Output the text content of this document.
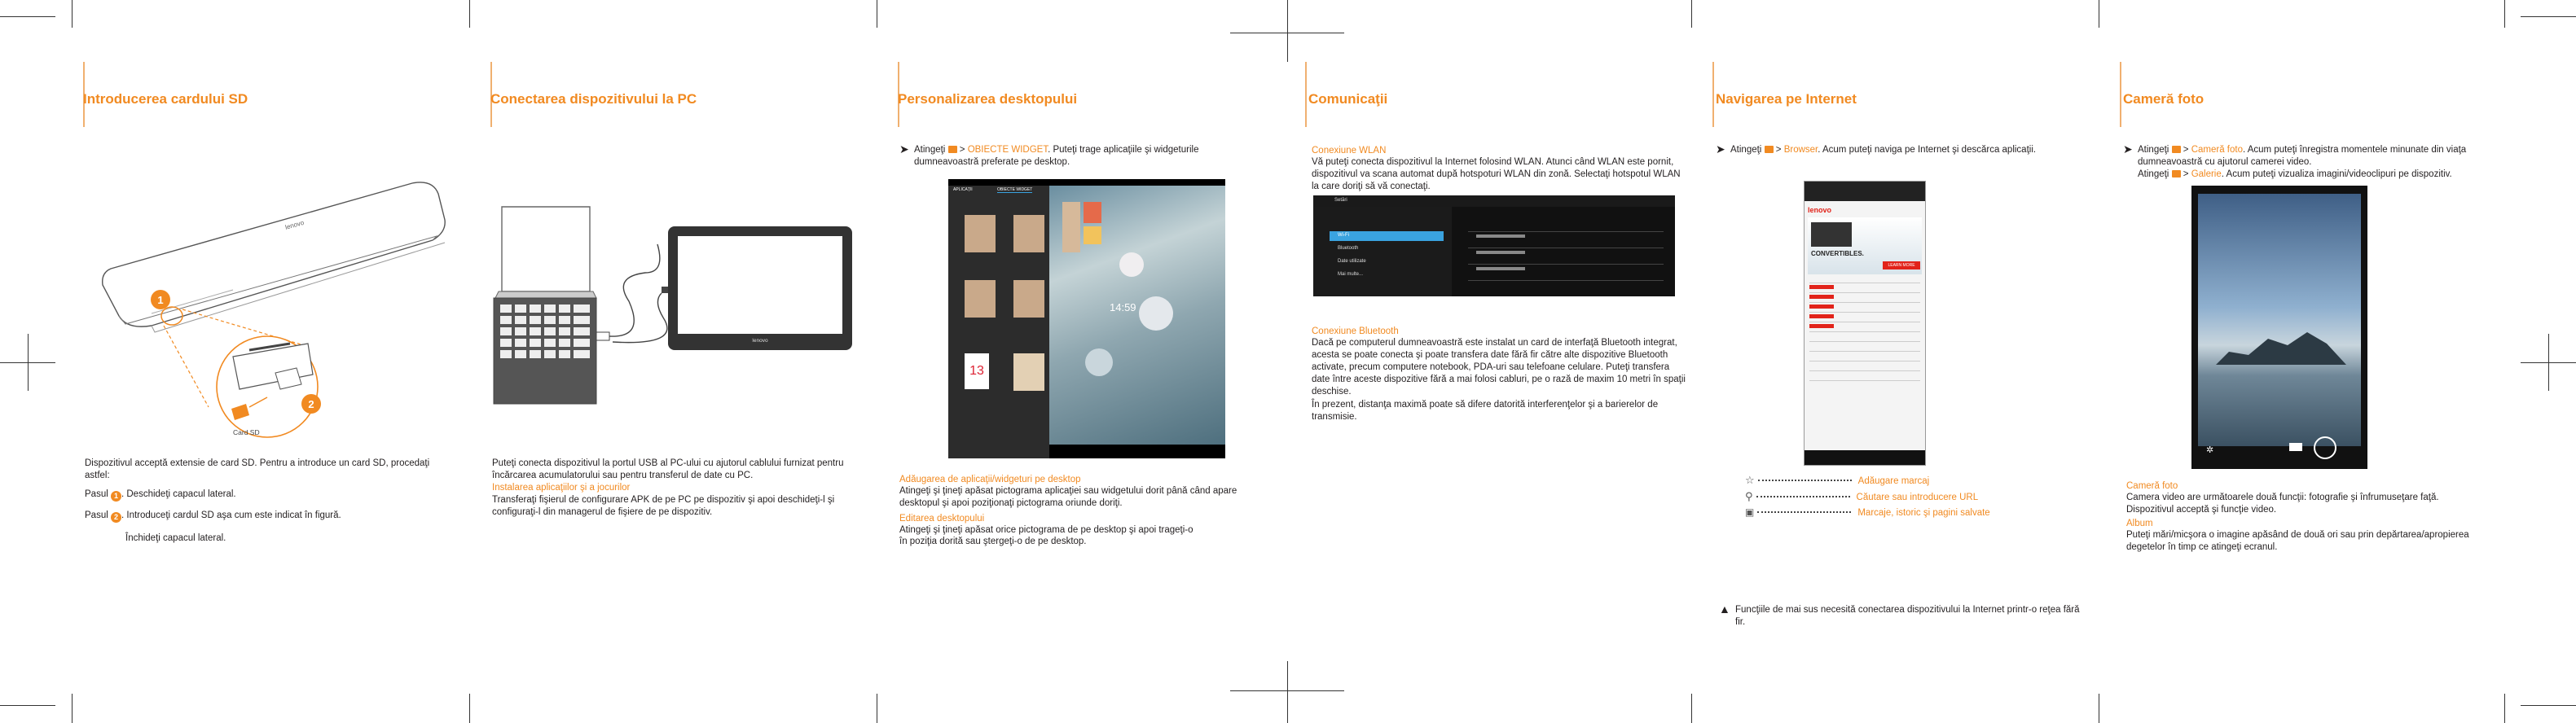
Introducerea cardului SD
lenovo
1
2
Card SD
Dispozitivul acceptă extensie de card SD. Pentru a introduce un card SD, procedaţi astfel:
Pasul 1 . Deschideţi capacul lateral.
Pasul 2 . Introduceţi cardul SD aşa cum este indicat în figură.
Închideţi capacul lateral.
Conectarea dispozitivului la PC
lenovo
Puteţi conecta dispozitivul la portul USB al PC-ului cu ajutorul cablului furnizat pentru încărcarea acumulatorului sau pentru transferul de date cu PC.
Instalarea aplicaţiilor şi a jocurilor
Transferaţi fişierul de configurare APK de pe PC pe dispozitiv şi apoi deschideţi-l şi configuraţi-l din managerul de fişiere de pe dispozitiv.
Personalizarea desktopului
➤ Atingeţi > OBIECTE WIDGET. Puteţi trage aplicaţiile şi widgeturile dumneavoastră preferate pe desktop.
APLICAŢII	OBIECTE WIDGET
13
14:59
Adăugarea de aplicaţii/widgeturi pe desktop
Atingeţi şi ţineţi apăsat pictograma aplicaţiei sau widgetului dorit până când apare desktopul şi apoi poziţionaţi pictograma oriunde doriţi.
Editarea desktopului
Atingeţi şi ţineţi apăsat orice pictograma de pe desktop şi apoi trageţi-o
în poziţia dorită sau ştergeţi-o de pe desktop.
Comunicaţii
Conexiune WLAN
Vă puteţi conecta dispozitivul la Internet folosind WLAN. Atunci când WLAN este pornit, dispozitivul va scana automat după hotspoturi WLAN din zonă. Selectaţi hotspotul WLAN la care doriţi să vă conectaţi.
Setări
Wi-Fi
Bluetooth
Date utilizate
Mai multe...
Conexiune Bluetooth
Dacă pe computerul dumneavoastră este instalat un card de interfaţă Bluetooth integrat, acesta se poate conecta şi poate transfera date fără fir către alte dispozitive Bluetooth activate, precum computere notebook, PDA-uri sau telefoane celulare. Puteţi transfera date între aceste dispozitive fără a mai folosi cabluri, pe o rază de maxim 10 metri în spaţii deschise.
În prezent, distanţa maximă poate să difere datorită interferenţelor şi a barierelor de transmisie.
Navigarea pe Internet
➤ Atingeţi > Browser. Acum puteţi naviga pe Internet şi descărca aplicaţii.
lenovo
CONVERTIBLES.
LEARN MORE
☆	Adăugare marcaj
⚲	Căutare sau introducere URL
▣	Marcaje, istoric şi pagini salvate
▲ Funcţiile de mai sus necesită conectarea dispozitivului la Internet printr-o reţea fără fir.
Cameră foto
➤ Atingeţi > Cameră foto. Acum puteţi înregistra momentele minunate din viaţa dumneavoastră cu ajutorul camerei video.
Atingeţi > Galerie. Acum puteţi vizualiza imagini/videoclipuri pe dispozitiv.
✲
Cameră foto
Camera video are următoarele două funcţii: fotografie şi înfrumuseţare faţă. Dispozitivul acceptă şi funcţie video.
Album
Puteţi mări/micşora o imagine apăsând de două ori sau prin depărtarea/apropierea degetelor în timp ce atingeţi ecranul.
